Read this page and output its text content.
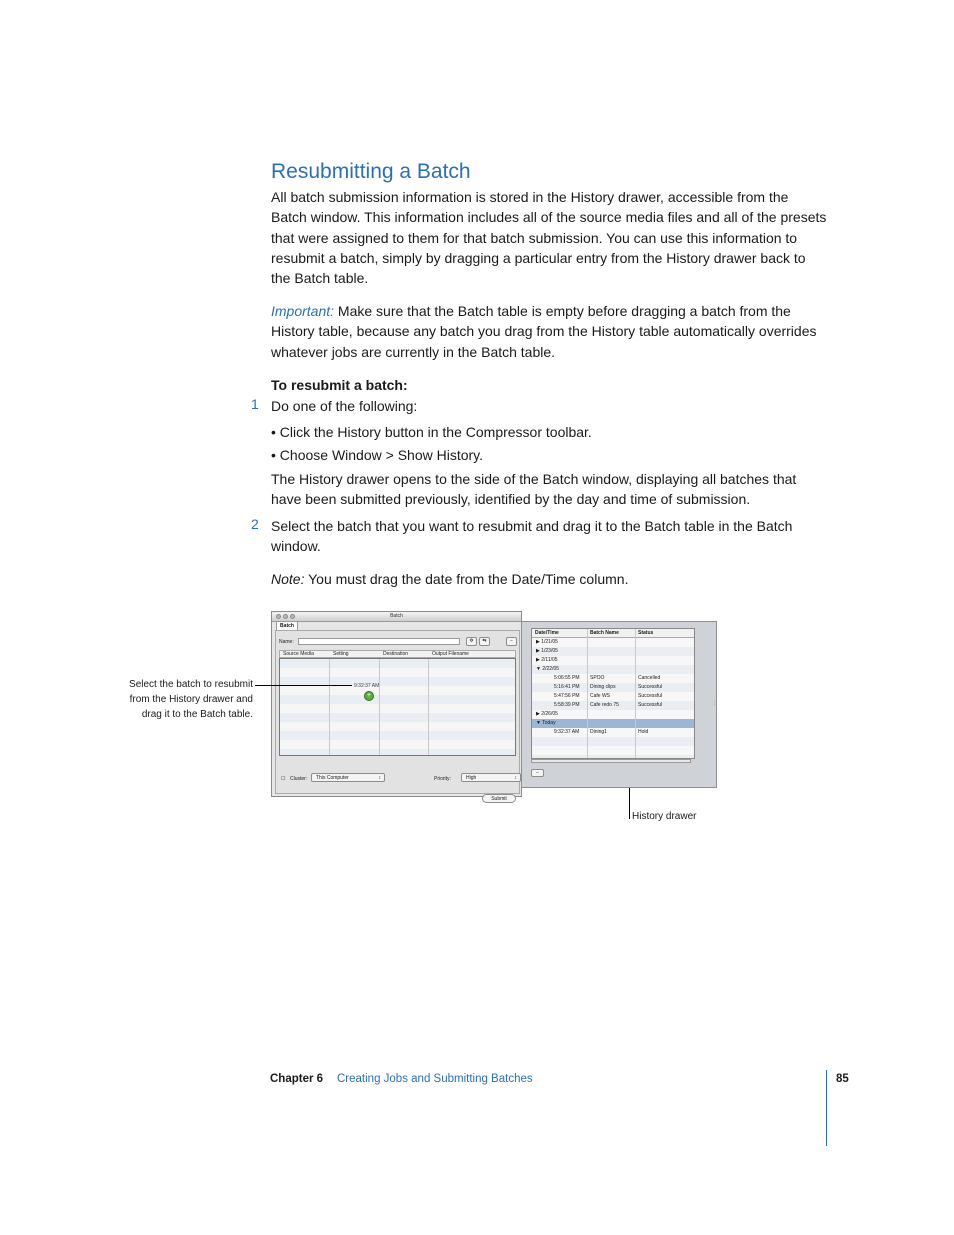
Resubmitting a Batch

All batch submission information is stored in the History drawer, accessible from the Batch window. This information includes all of the source media files and all of the presets that were assigned to them for that batch submission. You can use this information to resubmit a batch, simply by dragging a particular entry from the History drawer back to the Batch table.

Important: Make sure that the Batch table is empty before dragging a batch from the History table, because any batch you drag from the History table automatically overrides whatever jobs are currently in the Batch table.

To resubmit a batch:

1 Do one of the following:

• Click the History button in the Compressor toolbar.

• Choose Window > Show History.

The History drawer opens to the side of the Batch window, displaying all batches that have been submitted previously, identified by the day and time of submission.

2 Select the batch that you want to resubmit and drag it to the Batch table in the Batch window.

Note: You must drag the date from the Date/Time column.

Batch
Batch
Name:	✲	⇆	−
Source Media	Setting	Destination	Output Filename
9:32:37 AM
+
☐ Cluster:	This Computer	↕	Priority:	High	↕
Submit
Date/Time	Batch Name	Status
▶ 1/21/05
▶ 1/23/05
▶ 2/11/05
▼ 2/22/05
5:06:55 PM SPOO	Cancelled
5:16:41 PM Dining clips	Successful
5:47:56 PM Cafe WS	Successful
5:58:39 PM Cafe redo 75	Successful
▶ 2/26/05
▼ Today
9:32:37 AM Dining1	Hold
−
⋮
Select the batch to resubmit from the History drawer and drag it to the Batch table.
History drawer
Chapter 6 Creating Jobs and Submitting Batches	85
